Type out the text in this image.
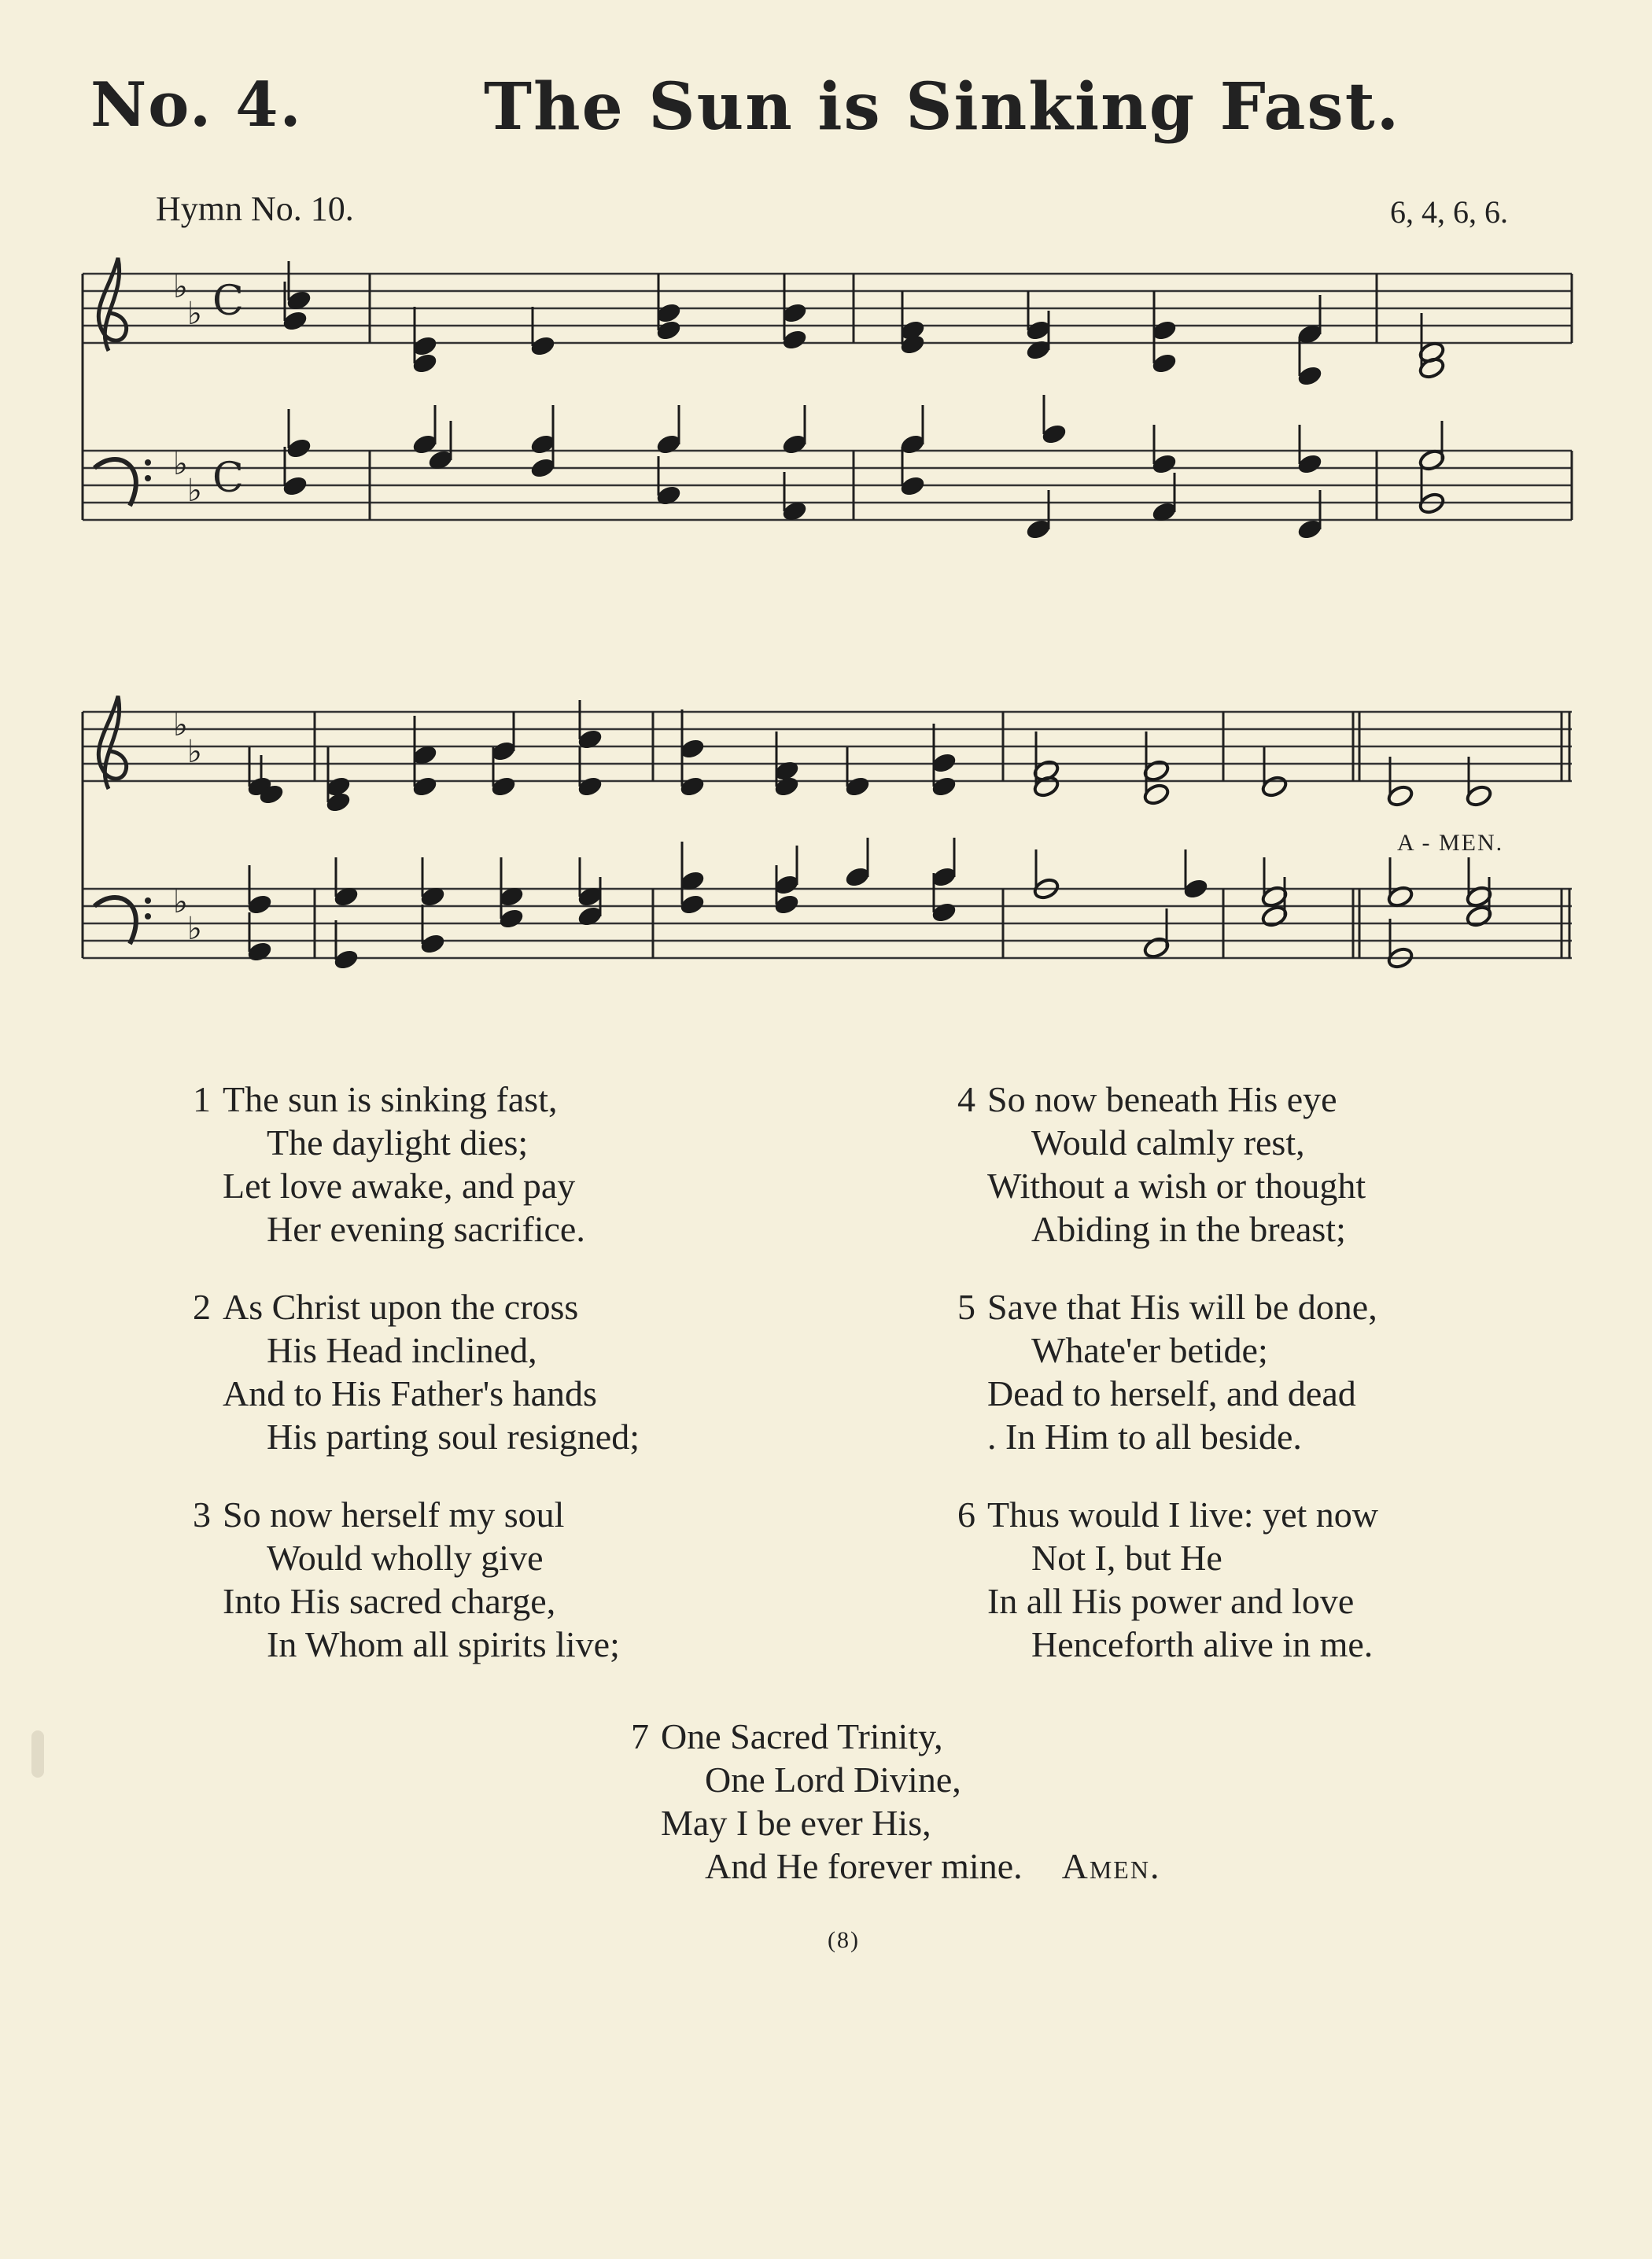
No. 4.	The Sun is Sinking Fast.
Hymn No. 10.	6, 4, 6, 6.
♭
♭
♭
♭
♭
♭
♭
♭
C
C
A - MEN.
1 The sun is sinking fast,
The daylight dies;
Let love awake, and pay
Her evening sacrifice.
2 As Christ upon the cross
His Head inclined,
And to His Father's hands
His parting soul resigned;
3 So now herself my soul
Would wholly give
Into His sacred charge,
In Whom all spirits live;
4 So now beneath His eye
Would calmly rest,
Without a wish or thought
Abiding in the breast;
5 Save that His will be done,
Whate'er betide;
Dead to herself, and dead
. In Him to all beside.
6 Thus would I live: yet now
Not I, but He
In all His power and love
Henceforth alive in me.
7 One Sacred Trinity,
One Lord Divine,
May I be ever His,
And He forever mine. Amen.
(8)
